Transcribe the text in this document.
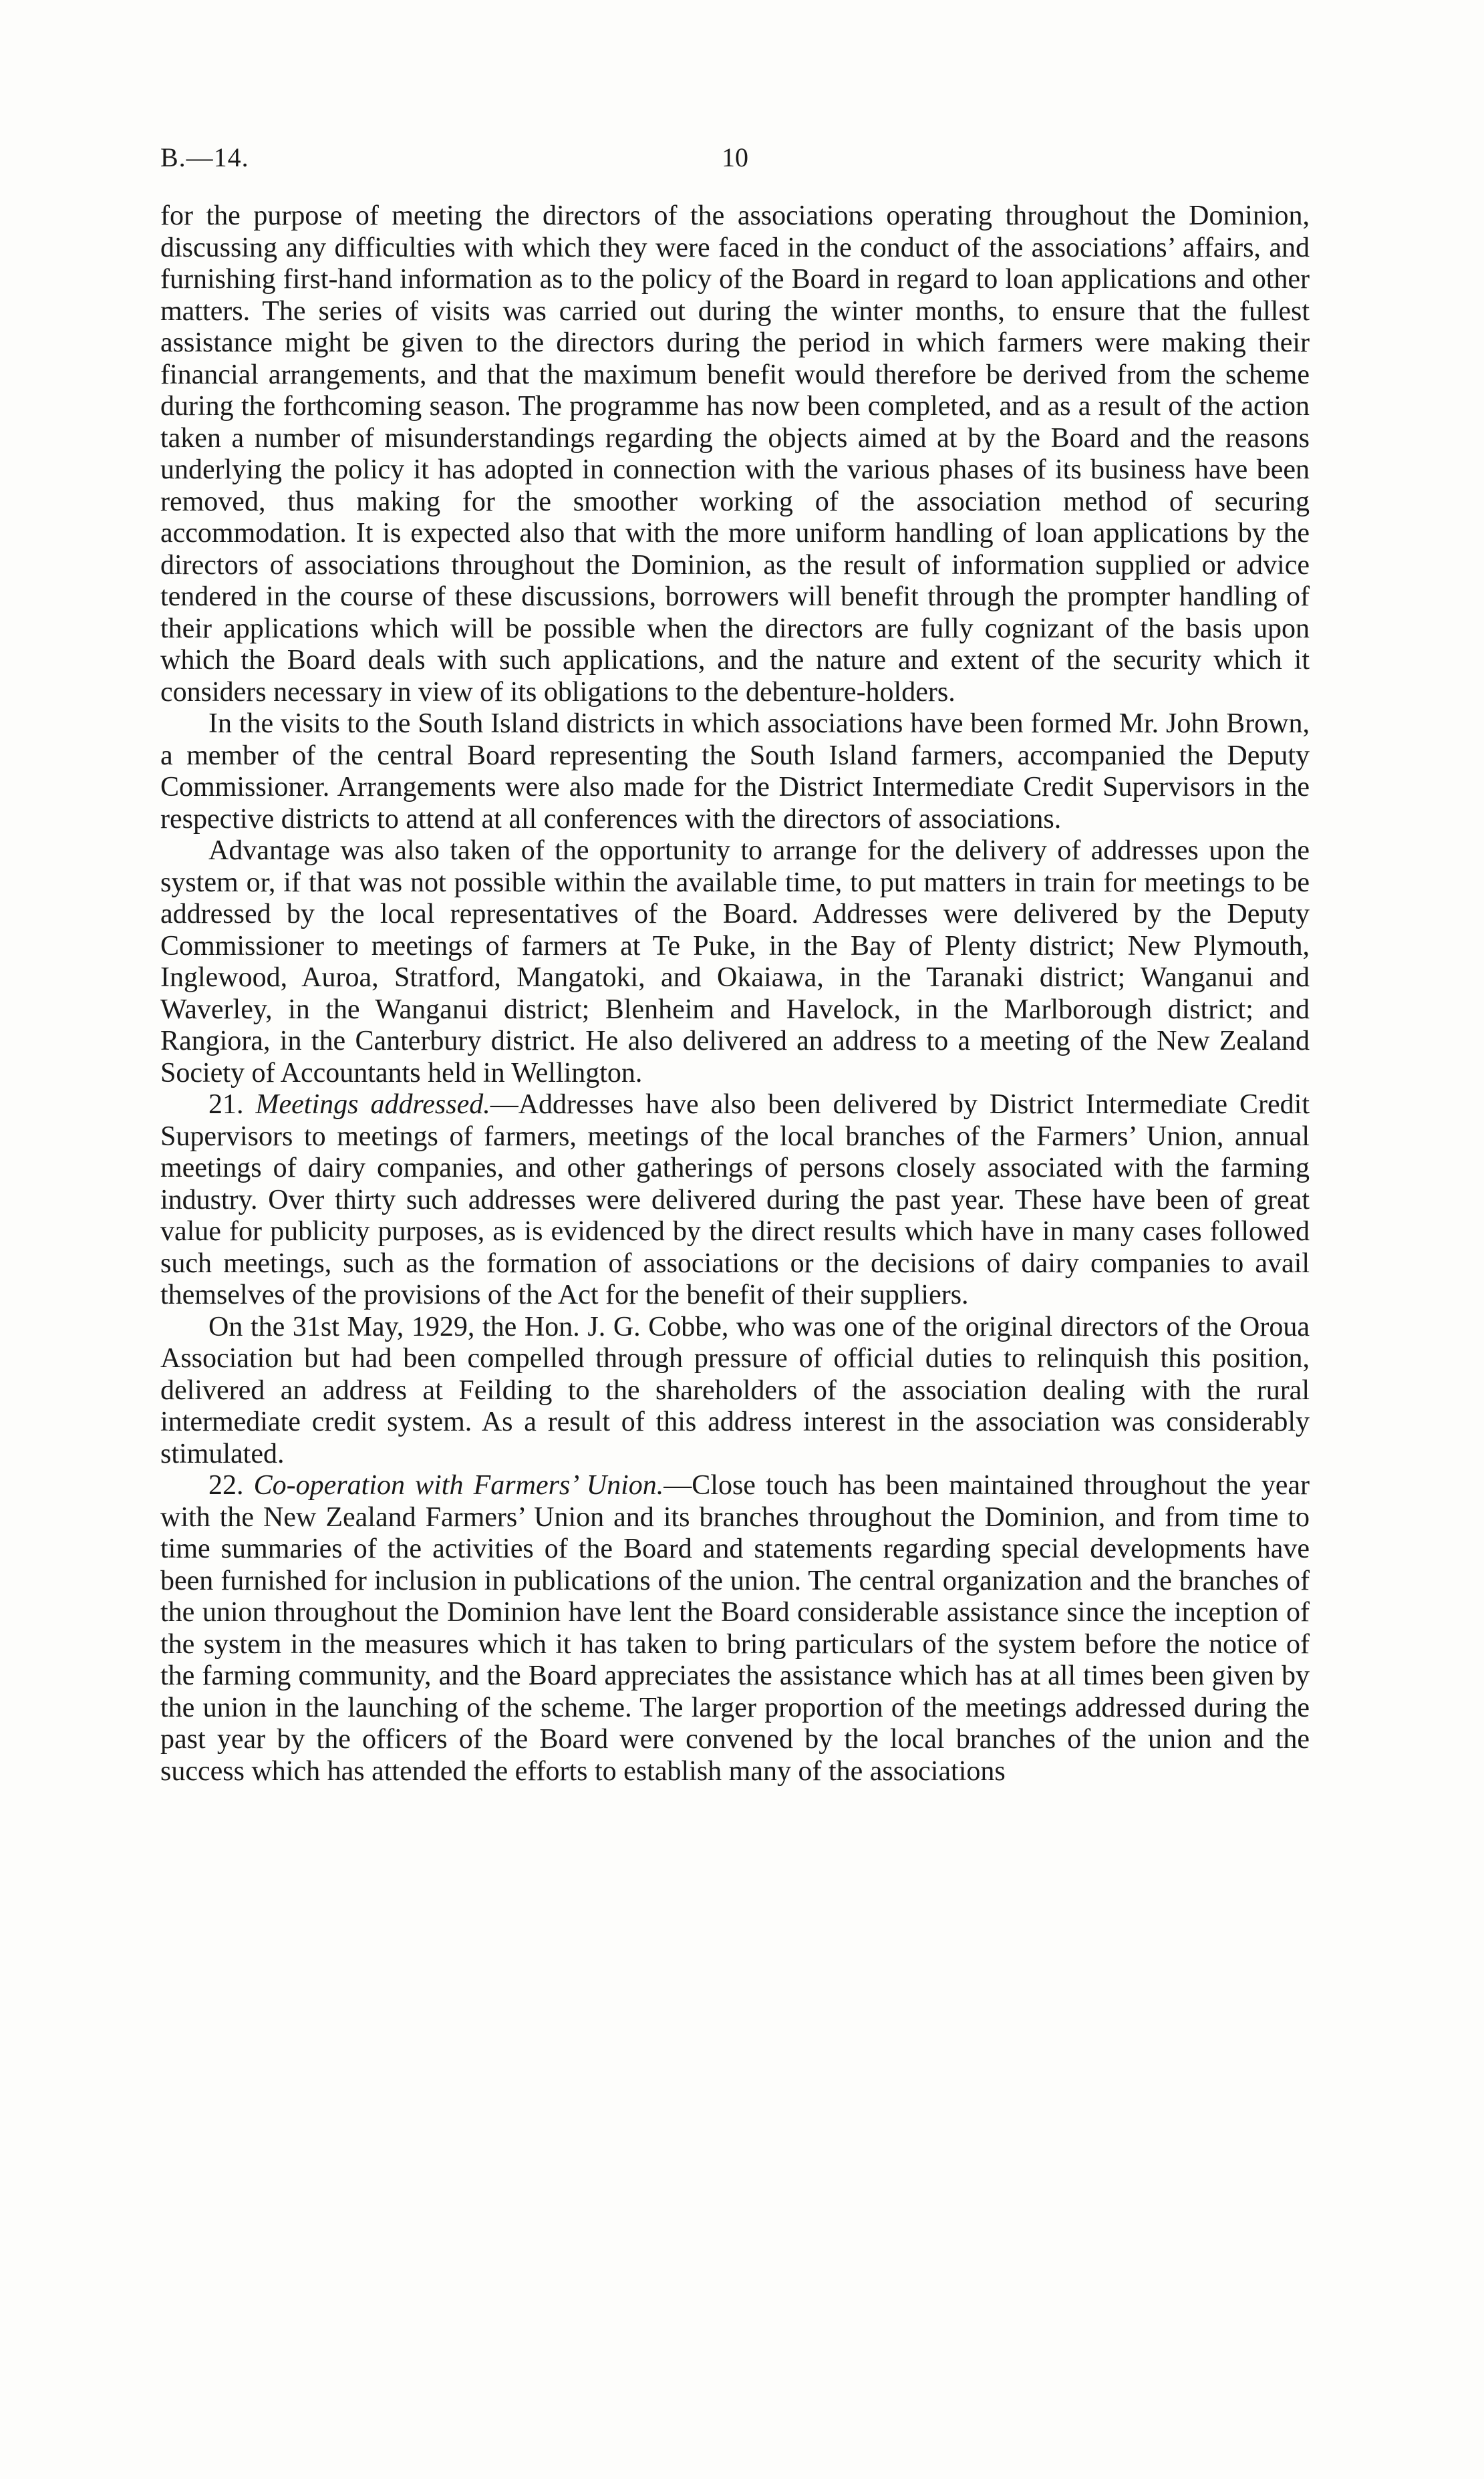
B.—14.	10

for the purpose of meeting the directors of the associations operating throughout the Dominion, discussing any difficulties with which they were faced in the conduct of the associations’ affairs, and furnishing first-hand information as to the policy of the Board in regard to loan applications and other matters. The series of visits was carried out during the winter months, to ensure that the fullest assistance might be given to the directors during the period in which farmers were making their financial arrangements, and that the maximum benefit would therefore be derived from the scheme during the forthcoming season. The programme has now been completed, and as a result of the action taken a number of misunderstandings regarding the objects aimed at by the Board and the reasons underlying the policy it has adopted in connection with the various phases of its business have been removed, thus making for the smoother working of the association method of securing accommodation. It is expected also that with the more uniform handling of loan applications by the directors of associations throughout the Dominion, as the result of information supplied or advice tendered in the course of these discussions, borrowers will benefit through the prompter handling of their applications which will be possible when the directors are fully cognizant of the basis upon which the Board deals with such applications, and the nature and extent of the security which it considers necessary in view of its obligations to the debenture-holders.

In the visits to the South Island districts in which associations have been formed Mr. John Brown, a member of the central Board representing the South Island farmers, accompanied the Deputy Commissioner. Arrangements were also made for the District Intermediate Credit Supervisors in the respective districts to attend at all conferences with the directors of associations.

Advantage was also taken of the opportunity to arrange for the delivery of addresses upon the system or, if that was not possible within the available time, to put matters in train for meetings to be addressed by the local representatives of the Board. Addresses were delivered by the Deputy Commissioner to meetings of farmers at Te Puke, in the Bay of Plenty district; New Plymouth, Inglewood, Auroa, Stratford, Mangatoki, and Okaiawa, in the Taranaki district; Wanganui and Waverley, in the Wanganui district; Blenheim and Havelock, in the Marlborough district; and Rangiora, in the Canterbury district. He also delivered an address to a meeting of the New Zealand Society of Accountants held in Wellington.

21. Meetings addressed.—Addresses have also been delivered by District Intermediate Credit Supervisors to meetings of farmers, meetings of the local branches of the Farmers’ Union, annual meetings of dairy companies, and other gatherings of persons closely associated with the farming industry. Over thirty such addresses were delivered during the past year. These have been of great value for publicity purposes, as is evidenced by the direct results which have in many cases followed such meetings, such as the formation of associations or the decisions of dairy companies to avail themselves of the provisions of the Act for the benefit of their suppliers.

On the 31st May, 1929, the Hon. J. G. Cobbe, who was one of the original directors of the Oroua Association but had been compelled through pressure of official duties to relinquish this position, delivered an address at Feilding to the shareholders of the association dealing with the rural intermediate credit system. As a result of this address interest in the association was considerably stimulated.

22. Co-operation with Farmers’ Union.—Close touch has been maintained throughout the year with the New Zealand Farmers’ Union and its branches throughout the Dominion, and from time to time summaries of the activities of the Board and statements regarding special developments have been furnished for inclusion in publications of the union. The central organization and the branches of the union throughout the Dominion have lent the Board considerable assistance since the inception of the system in the measures which it has taken to bring particulars of the system before the notice of the farming community, and the Board appreciates the assistance which has at all times been given by the union in the launching of the scheme. The larger proportion of the meetings addressed during the past year by the officers of the Board were convened by the local branches of the union and the success which has attended the efforts to establish many of the associations
